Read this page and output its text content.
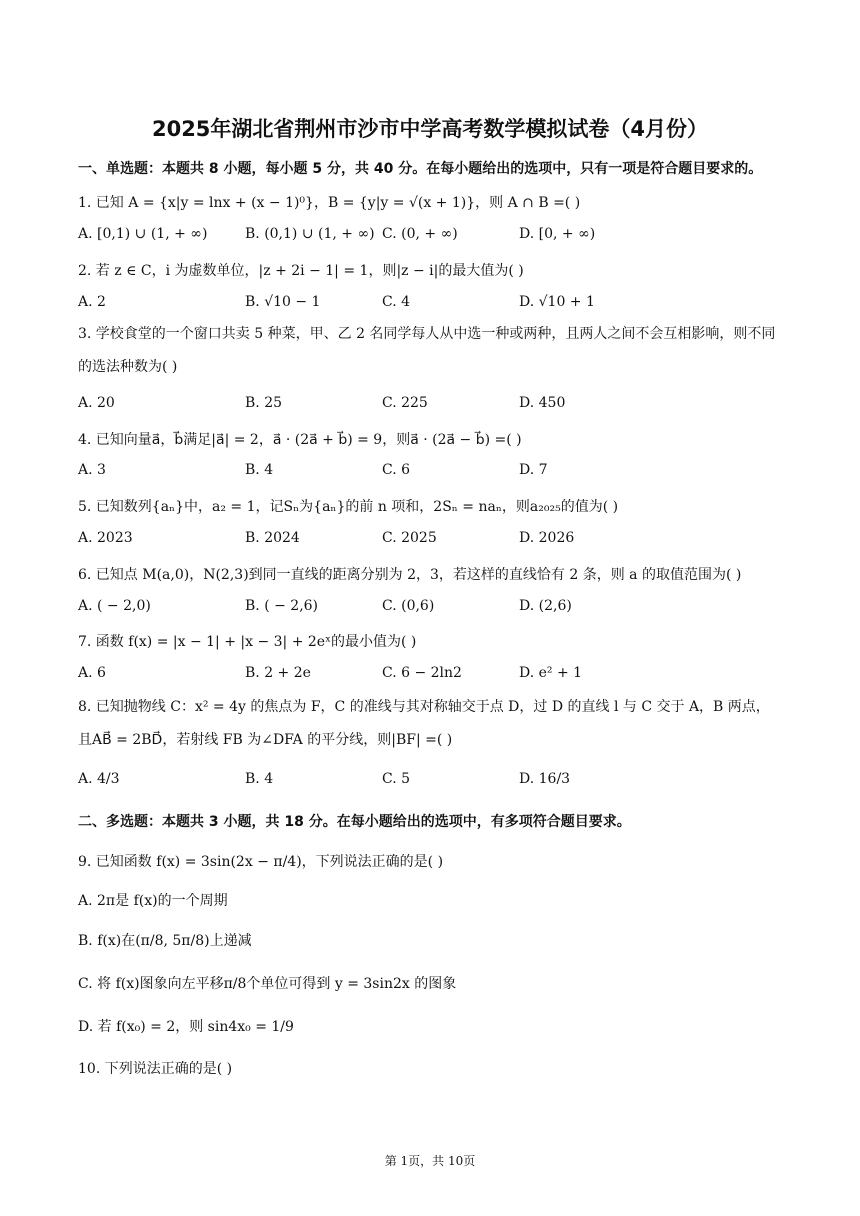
2025年湖北省荆州市沙市中学高考数学模拟试卷（4月份）
一、单选题：本题共 8 小题，每小题 5 分，共 40 分。在每小题给出的选项中，只有一项是符合题目要求的。
1. 已知 A = {x|y = lnx + (x − 1)⁰}，B = {y|y = √(x + 1)}，则 A ∩ B =( )
A. [0,1) ∪ (1, + ∞)	B. (0,1) ∪ (1, + ∞) C. (0, + ∞)	D. [0, + ∞)
2. 若 z ∈ C，i 为虚数单位，|z + 2i − 1| = 1，则|z − i|的最大值为( )
A. 2	B. √10 − 1	C. 4	D. √10 + 1
3. 学校食堂的一个窗口共卖 5 种菜，甲、乙 2 名同学每人从中选一种或两种，且两人之间不会互相影响，则不同的选法种数为( )
A. 20	B. 25	C. 225	D. 450
4. 已知向量a⃗，b⃗满足|a⃗| = 2，a⃗ · (2a⃗ + b⃗) = 9，则a⃗ · (2a⃗ − b⃗) =( )
A. 3	B. 4	C. 6	D. 7
5. 已知数列{aₙ}中，a₂ = 1，记Sₙ为{aₙ}的前 n 项和，2Sₙ = naₙ，则a₂₀₂₅的值为( )
A. 2023	B. 2024	C. 2025	D. 2026
6. 已知点 M(a,0)，N(2,3)到同一直线的距离分别为 2，3，若这样的直线恰有 2 条，则 a 的取值范围为( )
A. ( − 2,0)	B. ( − 2,6)	C. (0,6)	D. (2,6)
7. 函数 f(x) = |x − 1| + |x − 3| + 2eˣ的最小值为( )
A. 6	B. 2 + 2e	C. 6 − 2ln2	D. e² + 1
8. 已知抛物线 C：x² = 4y 的焦点为 F，C 的准线与其对称轴交于点 D，过 D 的直线 l 与 C 交于 A，B 两点，且AB⃗ = 2BD⃗，若射线 FB 为∠DFA 的平分线，则|BF| =( )
A. 4/3	B. 4	C. 5	D. 16/3
二、多选题：本题共 3 小题，共 18 分。在每小题给出的选项中，有多项符合题目要求。
9. 已知函数 f(x) = 3sin(2x − π/4)，下列说法正确的是( )
A. 2π是 f(x)的一个周期
B. f(x)在(π/8, 5π/8)上递减
C. 将 f(x)图象向左平移π/8个单位可得到 y = 3sin2x 的图象
D. 若 f(x₀) = 2，则 sin4x₀ = 1/9
10. 下列说法正确的是( )
第 1页，共 10页
